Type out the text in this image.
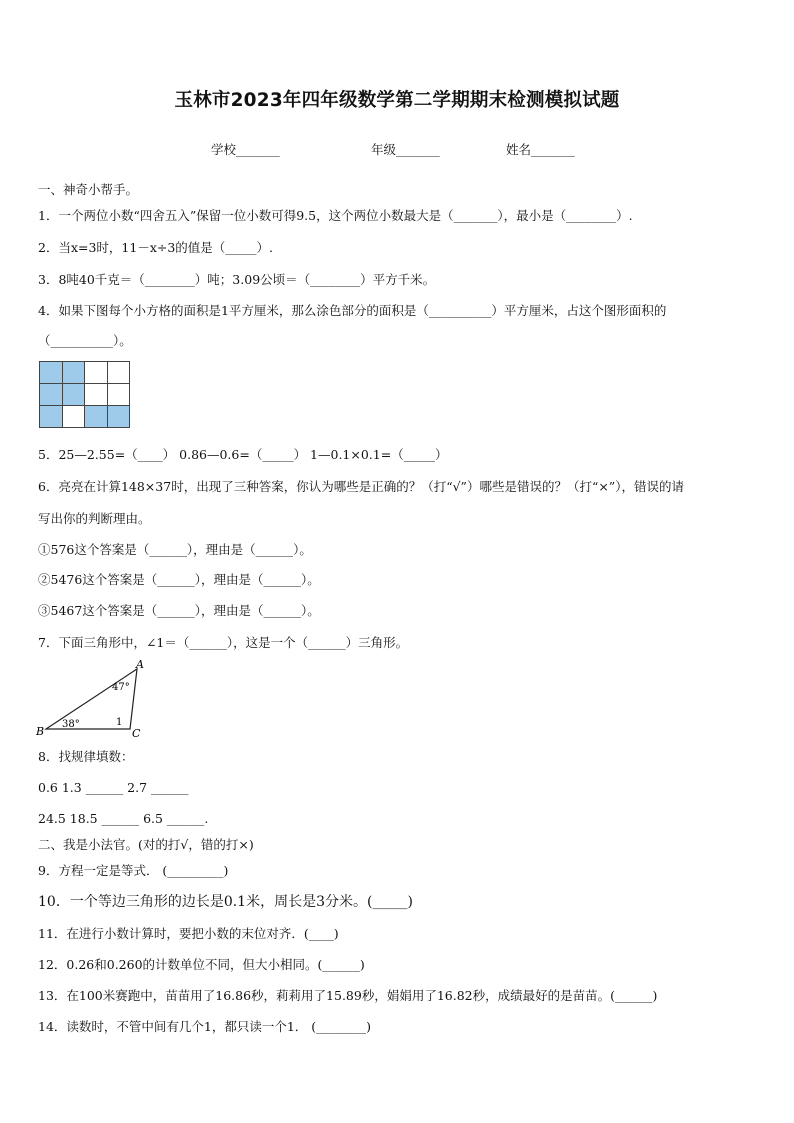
玉林市2023年四年级数学第二学期期末检测模拟试题
学校_______	年级_______	姓名_______
一、神奇小帮手。
1．一个两位小数“四舍五入”保留一位小数可得9.5，这个两位小数最大是（_______），最小是（________）.
2．当x=3时，11－x÷3的值是（_____）.
3．8吨40千克＝（________）吨；3.09公顷＝（________）平方千米。
4．如果下图每个小方格的面积是1平方厘米，那么涂色部分的面积是（__________）平方厘米，占这个图形面积的
（__________）。

5．25—2.55=（____） 0.86—0.6=（_____） 1—0.1×0.1=（_____）
6．亮亮在计算148×37时，出现了三种答案，你认为哪些是正确的？（打“√”）哪些是错误的？（打“×”），错误的请
写出你的判断理由。
①576这个答案是（______），理由是（______）。
②5476这个答案是（______），理由是（______）。
③5467这个答案是（______），理由是（______）。
7．下面三角形中，∠1＝（______），这是一个（______）三角形。
A
B	C
47°
38°	1
8．找规律填数：
0.6 1.3 ______ 2.7 ______
24.5 18.5 ______ 6.5 ______.
二、我是小法官。(对的打√，错的打×)
9．方程一定是等式． (_________)
10．一个等边三角形的边长是0.1米，周长是3分米。(_____)
11．在进行小数计算时，要把小数的末位对齐．(____)
12．0.26和0.260的计数单位不同，但大小相同。(______)
13．在100米赛跑中，苗苗用了16.86秒，莉莉用了15.89秒，娟娟用了16.82秒，成绩最好的是苗苗。(______)
14．读数时，不管中间有几个1，都只读一个1． (________)
